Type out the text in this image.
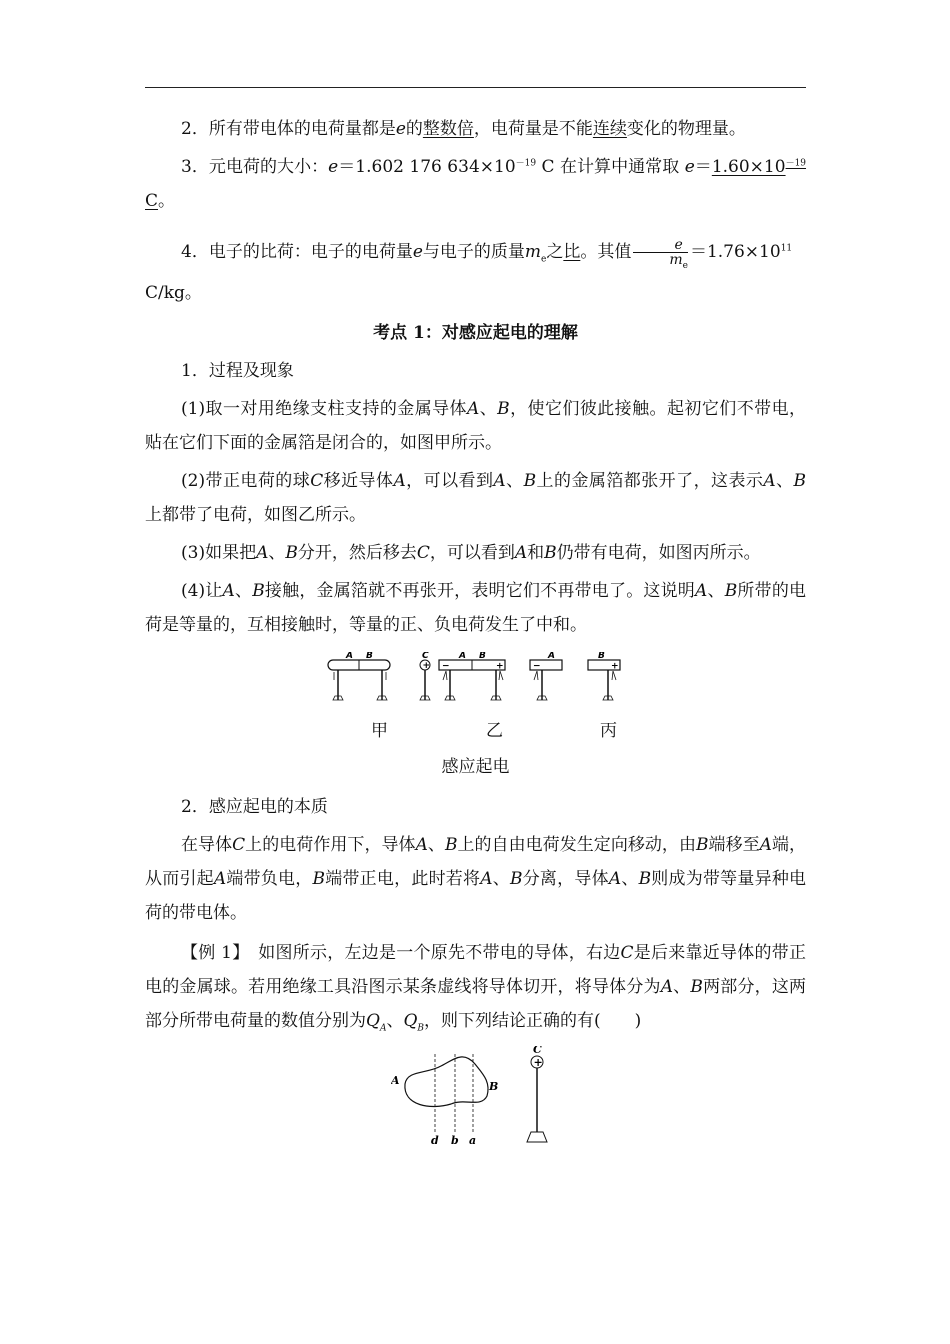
2．所有带电体的电荷量都是e的整数倍，电荷量是不能连续变化的物理量。

3．元电荷的大小：e＝1.602 176 $634\times 10^{-19}$ C 在计算中通常取 $e=1.60\times 10^{-19}$ C。

4．电子的比荷：电子的电荷量e与电子的质量$m_e$之比。其值 $\frac{e}{m_e} =1.76\times 10^{11}$

C/kg。

考点 1：对感应起电的理解

1．过程及现象

(1)取一对用绝缘支柱支持的金属导体A、B，使它们彼此接触。起初它们不带电，贴在它们下面的金属箔是闭合的，如图甲所示。

(2)带正电荷的球C移近导体A，可以看到A、B上的金属箔都张开了，这表示A、B上都带了电荷，如图乙所示。

(3)如果把A、B分开，然后移去C，可以看到A和B仍带有电荷，如图丙所示。

(4)让A、B接触，金属箔就不再张开，表明它们不再带电了。这说明A、B所带的电荷是等量的，互相接触时，等量的正、负电荷发生了中和。

A B
+
C
−	+
A B
−
A
+
B
甲	乙	丙

感应起电

2．感应起电的本质

在导体C上的电荷作用下，导体A、B上的自由电荷发生定向移动，由B端移至A端，从而引起A端带负电，B端带正电，此时若将A、B分离，导体A、B则成为带等量异种电荷的带电体。

【例 1】　如图所示，左边是一个原先不带电的导体，右边C是后来靠近导体的带正电的金属球。若用绝缘工具沿图示某条虚线将导体切开，将导体分为A、B两部分，这两部分所带电荷量的数值分别为$Q_A$、$Q_B$，则下列结论正确的有(　　)

A	B
d b a
+
C
